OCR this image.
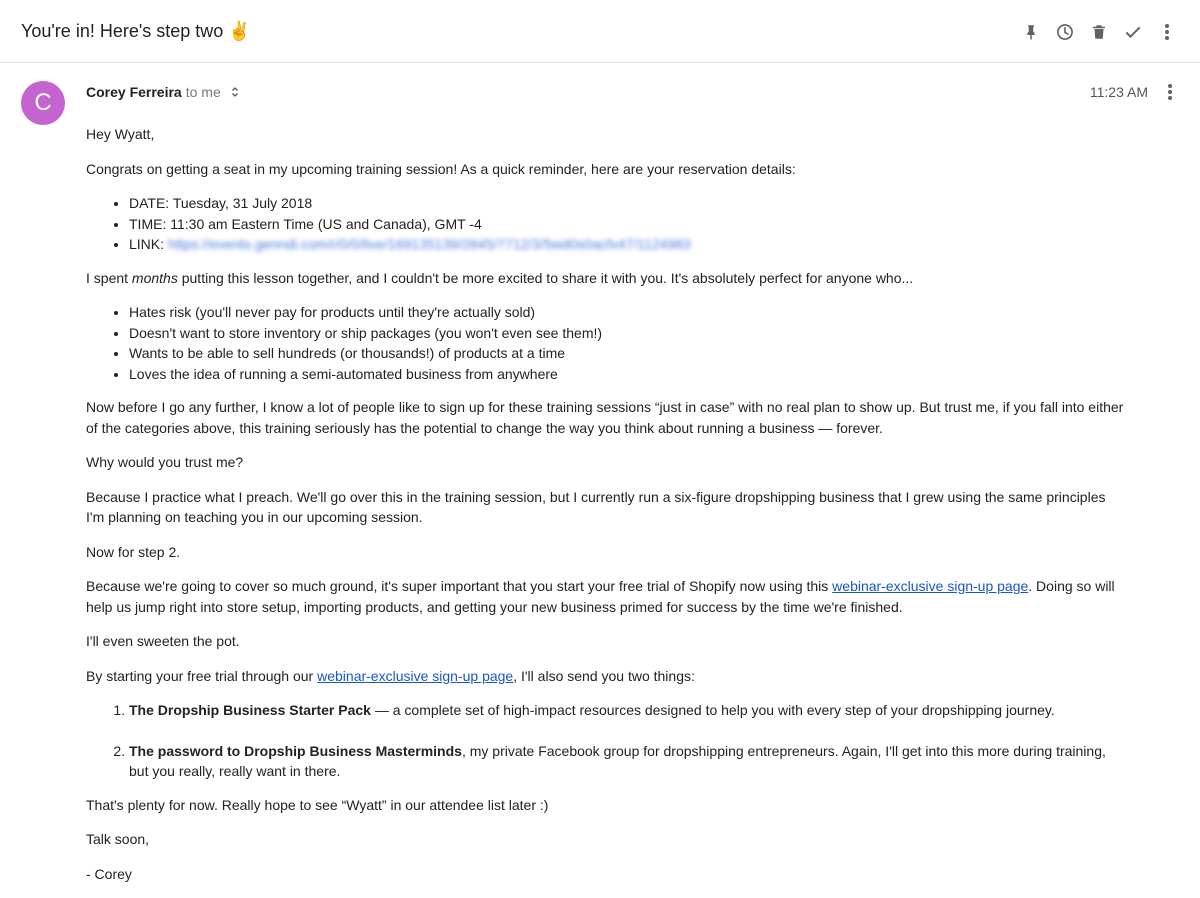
You're in! Here's step two ✌️
C Corey Ferreira to me	11:23 AM

Hey Wyatt,

Congrats on getting a seat in my upcoming training session! As a quick reminder, here are your reservation details:

• DATE: Tuesday, 31 July 2018
• TIME: 11:30 am Eastern Time (US and Canada), GMT -4
• LINK: https://events.genndi.com/r/0/0/live/169135139/2845/7712/3/5wd0s0acfx47/1124983

I spent months putting this lesson together, and I couldn't be more excited to share it with you. It's absolutely perfect for anyone who...

• Hates risk (you'll never pay for products until they're actually sold)
• Doesn't want to store inventory or ship packages (you won't even see them!)
• Wants to be able to sell hundreds (or thousands!) of products at a time
• Loves the idea of running a semi-automated business from anywhere

Now before I go any further, I know a lot of people like to sign up for these training sessions “just in case” with no real plan to show up. But trust me, if you fall into either of the categories above, this training seriously has the potential to change the way you think about running a business — forever.

Why would you trust me?

Because I practice what I preach. We'll go over this in the training session, but I currently run a six-figure dropshipping business that I grew using the same principles I'm planning on teaching you in our upcoming session.

Now for step 2.

Because we're going to cover so much ground, it's super important that you start your free trial of Shopify now using this webinar-exclusive sign-up page. Doing so will help us jump right into store setup, importing products, and getting your new business primed for success by the time we're finished.

I'll even sweeten the pot.

By starting your free trial through our webinar-exclusive sign-up page, I'll also send you two things:

1. The Dropship Business Starter Pack — a complete set of high-impact resources designed to help you with every step of your dropshipping journey.
2. The password to Dropship Business Masterminds, my private Facebook group for dropshipping entrepreneurs. Again, I'll get into this more during training, but you really, really want in there.

That's plenty for now. Really hope to see “Wyatt” in our attendee list later :)

Talk soon,

- Corey
